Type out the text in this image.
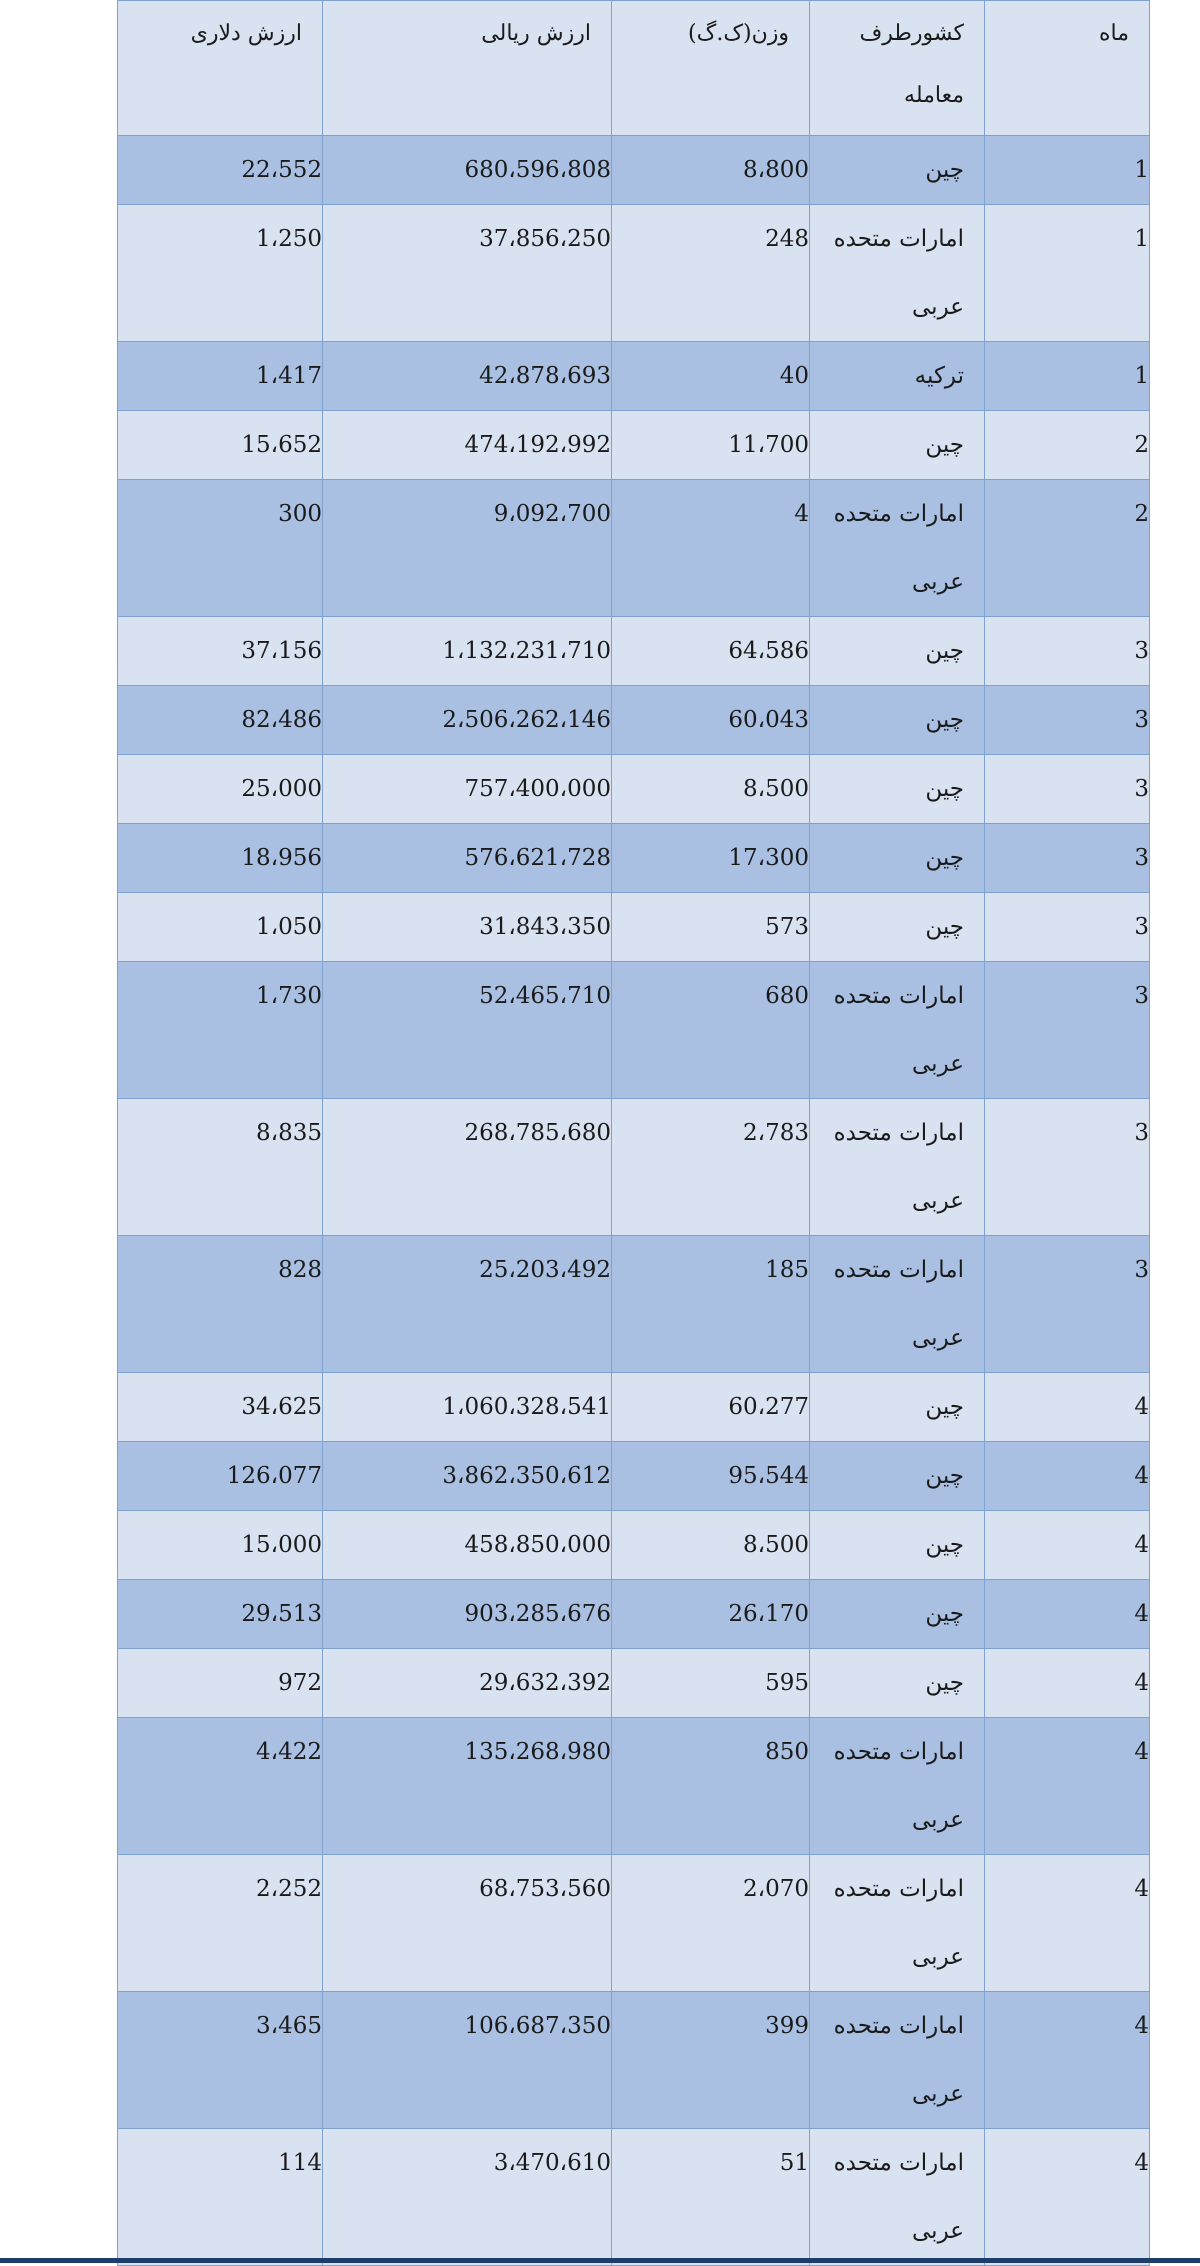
ماه	کشورطرف معامله	وزن(ک.گ)	ارزش ریالی	ارزش دلاری

1	چین	8،800	680،596،808	22،552

1	امارات متحده عربی	248	37،856،250	1،250

1	ترکیه	40	42،878،693	1،417

2	چین	11،700	474،192،992	15،652

2	امارات متحده عربی	4	9،092،700	300

3	چین	64،586	1،132،231،710	37،156

3	چین	60،043	2،506،262،146	82،486

3	چین	8،500	757،400،000	25،000

3	چین	17،300	576،621،728	18،956

3	چین	573	31،843،350	1،050

3	امارات متحده عربی	680	52،465،710	1،730

3	امارات متحده عربی	2،783	268،785،680	8،835

3	امارات متحده عربی	185	25،203،492	828

4	چین	60،277	1،060،328،541	34،625

4	چین	95،544	3،862،350،612	126،077

4	چین	8،500	458،850،000	15،000

4	چین	26،170	903،285،676	29،513

4	چین	595	29،632،392	972

4	امارات متحده عربی	850	135،268،980	4،422

4	امارات متحده عربی	2،070	68،753،560	2،252

4	امارات متحده عربی	399	106،687،350	3،465

4	امارات متحده عربی	51	3،470،610	114
